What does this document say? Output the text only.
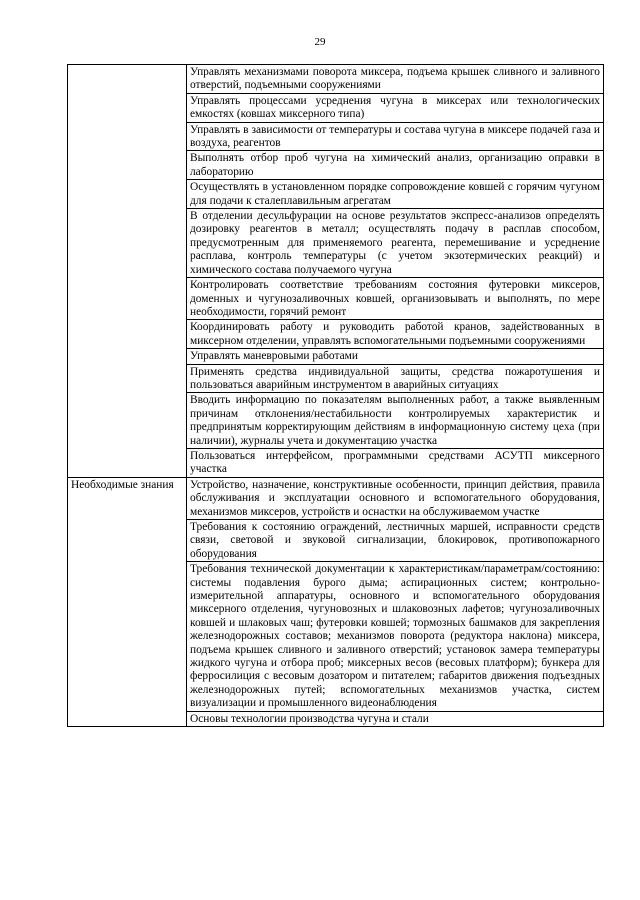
29
	Управлять механизмами поворота миксера, подъема крышек сливного и заливного отверстий, подъемными сооружениями
	Управлять процессами усреднения чугуна в миксерах или технологических емкостях (ковшах миксерного типа)
	Управлять в зависимости от температуры и состава чугуна в миксере подачей газа и воздуха, реагентов
	Выполнять отбор проб чугуна на химический анализ, организацию оправки в лабораторию
	Осуществлять в установленном порядке сопровождение ковшей с горячим чугуном для подачи к сталеплавильным агрегатам
	В отделении десульфурации на основе результатов экспресс-анализов определять дозировку реагентов в металл; осуществлять подачу в расплав способом, предусмотренным для применяемого реагента, перемешивание и усреднение расплава, контроль температуры (с учетом экзотермических реакций) и химического состава получаемого чугуна
	Контролировать соответствие требованиям состояния футеровки миксеров, доменных и чугунозаливочных ковшей, организовывать и выполнять, по мере необходимости, горячий ремонт
	Координировать работу и руководить работой кранов, задействованных в миксерном отделении, управлять вспомогательными подъемными сооружениями
	Управлять маневровыми работами
	Применять средства индивидуальной защиты, средства пожаротушения и пользоваться аварийным инструментом в аварийных ситуациях
	Вводить информацию по показателям выполненных работ, а также выявленным причинам отклонения/нестабильности контролируемых характеристик и предпринятым корректирующим действиям в информационную систему цеха (при наличии), журналы учета и документацию участка
	Пользоваться интерфейсом, программными средствами АСУТП миксерного участка
Необходимые знания	Устройство, назначение, конструктивные особенности, принцип действия, правила обслуживания и эксплуатации основного и вспомогательного оборудования, механизмов миксеров, устройств и оснастки на обслуживаемом участке
	Требования к состоянию ограждений, лестничных маршей, исправности средств связи, световой и звуковой сигнализации, блокировок, противопожарного оборудования
	Требования технической документации к характеристикам/параметрам/состоянию: системы подавления бурого дыма; аспирационных систем; контрольно-измерительной аппаратуры, основного и вспомогательного оборудования миксерного отделения, чугуновозных и шлаковозных лафетов; чугунозаливочных ковшей и шлаковых чаш; футеровки ковшей; тормозных башмаков для закрепления железнодорожных составов; механизмов поворота (редуктора наклона) миксера, подъема крышек сливного и заливного отверстий; установок замера температуры жидкого чугуна и отбора проб; миксерных весов (весовых платформ); бункера для ферросилиция с весовым дозатором и питателем; габаритов движения подъездных железнодорожных путей; вспомогательных механизмов участка, систем визуализации и промышленного видеонаблюдения
	Основы технологии производства чугуна и стали
